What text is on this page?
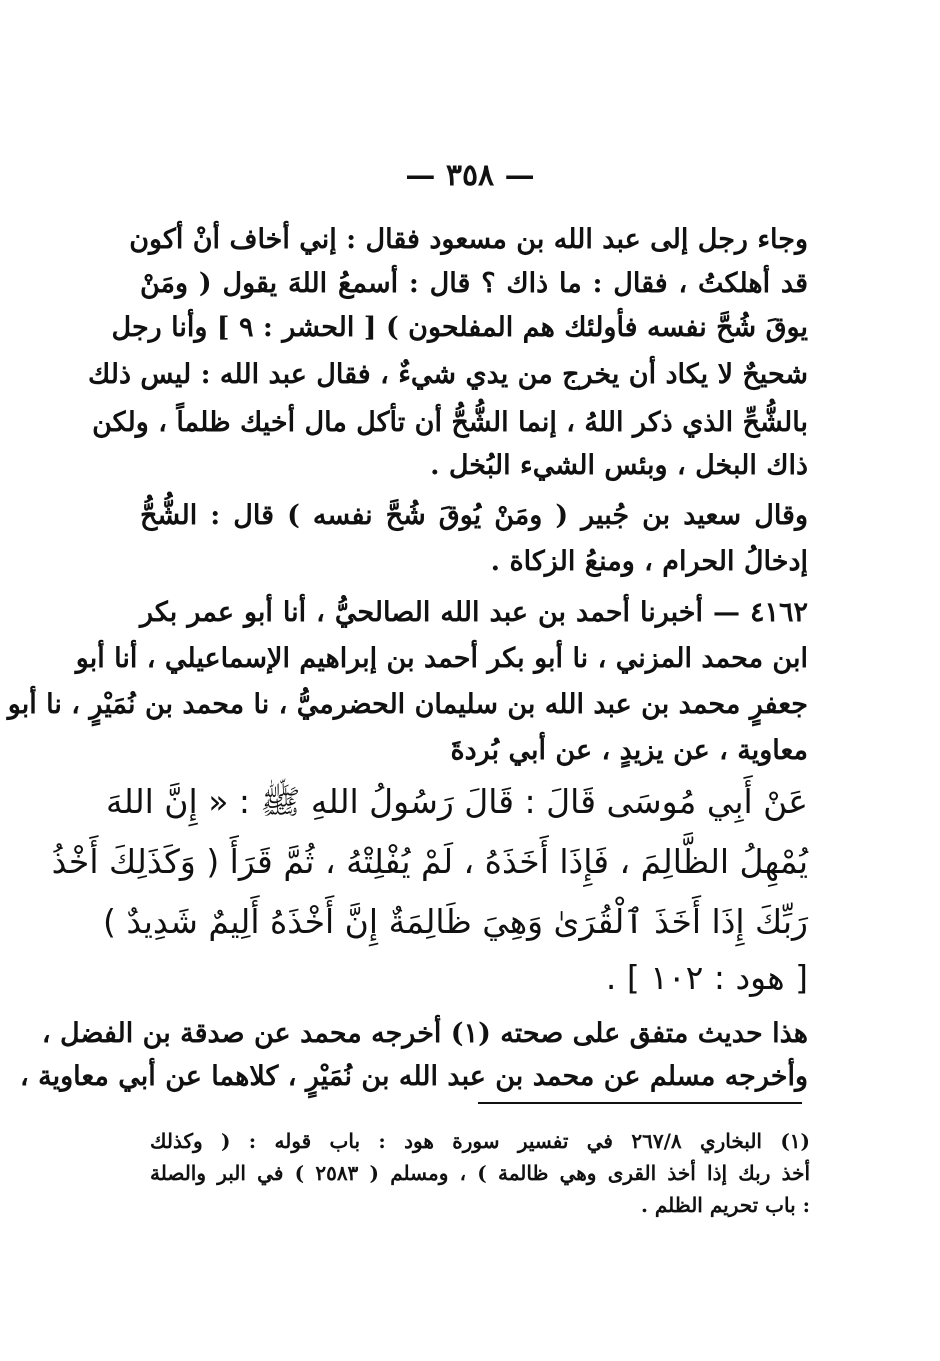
— ٣٥٨ —
وجاء رجل إلى عبد الله بن مسعود فقال : إني أخاف أنْ أكون
قد أهلكتُ ، فقال : ما ذاك ؟ قال : أسمعُ اللهَ يقول ( ومَنْ
يوقَ شُحَّ نفسه فأولئك هم المفلحون ) [ الحشر : ٩ ] وأنا رجل
شحيحٌ لا يكاد أن يخرج من يدي شيءٌ ، فقال عبد الله : ليس ذلك
بالشُّحِّ الذي ذكر اللهُ ، إنما الشُّحُّ أن تأكل مال أخيك ظلماً ، ولكن
ذاك البخل ، وبئس الشيء البُخل .
وقال سعيد بن جُبير ( ومَنْ يُوقَ شُحَّ نفسه ) قال : الشُّحُّ
إدخالُ الحرام ، ومنعُ الزكاة .
٤١٦٢ — أخبرنا أحمد بن عبد الله الصالحيُّ ، أنا أبو عمر بكر
ابن محمد المزني ، نا أبو بكر أحمد بن إبراهيم الإسماعيلي ، أنا أبو
جعفرٍ محمد بن عبد الله بن سليمان الحضرميُّ ، نا محمد بن نُمَيْرٍ ، نا أبو
معاوية ، عن يزيدٍ ، عن أبي بُردةَ
عَنْ أَبِي مُوسَى قَالَ : قَالَ رَسُولُ اللهِ ﷺ : « إِنَّ اللهَ
يُمْهِلُ الظَّالِمَ ، فَإِذَا أَخَذَهُ ، لَمْ يُفْلِتْهُ ، ثُمَّ قَرَأَ ( وَكَذَلِكَ أَخْذُ
رَبِّكَ إِذَا أَخَذَ ٱلْقُرَىٰ وَهِيَ ظَالِمَةٌ إِنَّ أَخْذَهُ أَلِيمٌ شَدِيدٌ )
[ هود : ١٠٢ ] .
هذا حديث متفق على صحته (١) أخرجه محمد عن صدقة بن الفضل ،
وأخرجه مسلم عن محمد بن عبد الله بن نُمَيْرٍ ، كلاهما عن أبي معاوية ،
(١) البخاري ٢٦٧/٨ في تفسير سورة هود : باب قوله : ( وكذلك
أخذ ربك إذا أخذ القرى وهي ظالمة ) ، ومسلم ( ٢٥٨٣ ) في البر والصلة
: باب تحريم الظلم .
